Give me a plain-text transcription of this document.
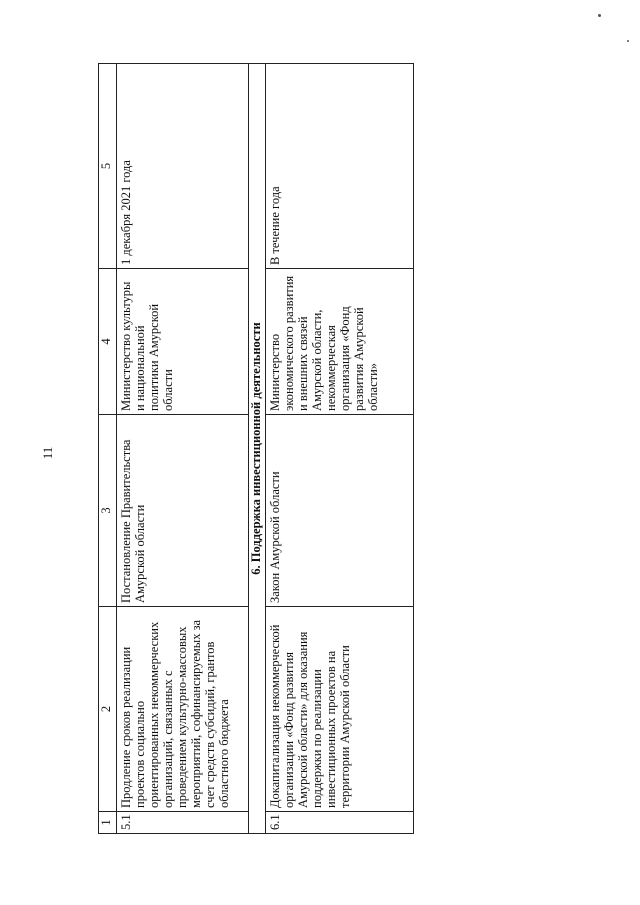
11
1	2	3	4	5
5.1	Продление сроков реализации проектов социально ориентированных некоммерческих организаций, связанных с проведением культурно-массовых мероприятий, софинансируемых за счет средств субсидий, грантов областного бюджета	Постановление Правительства Амурской области	Министерство культуры и национальной политики Амурской области	1 декабря 2021 года
6. Поддержка инвестиционной деятельности				
6.1	Докапитализация некоммерческой организации «Фонд развития Амурской области» для оказания поддержки по реализации инвестиционных проектов на территории Амурской области	Закон Амурской области	Министерство экономического развития и внешних связей Амурской области, некоммерческая организация «Фонд развития Амурской области»	В течение года
